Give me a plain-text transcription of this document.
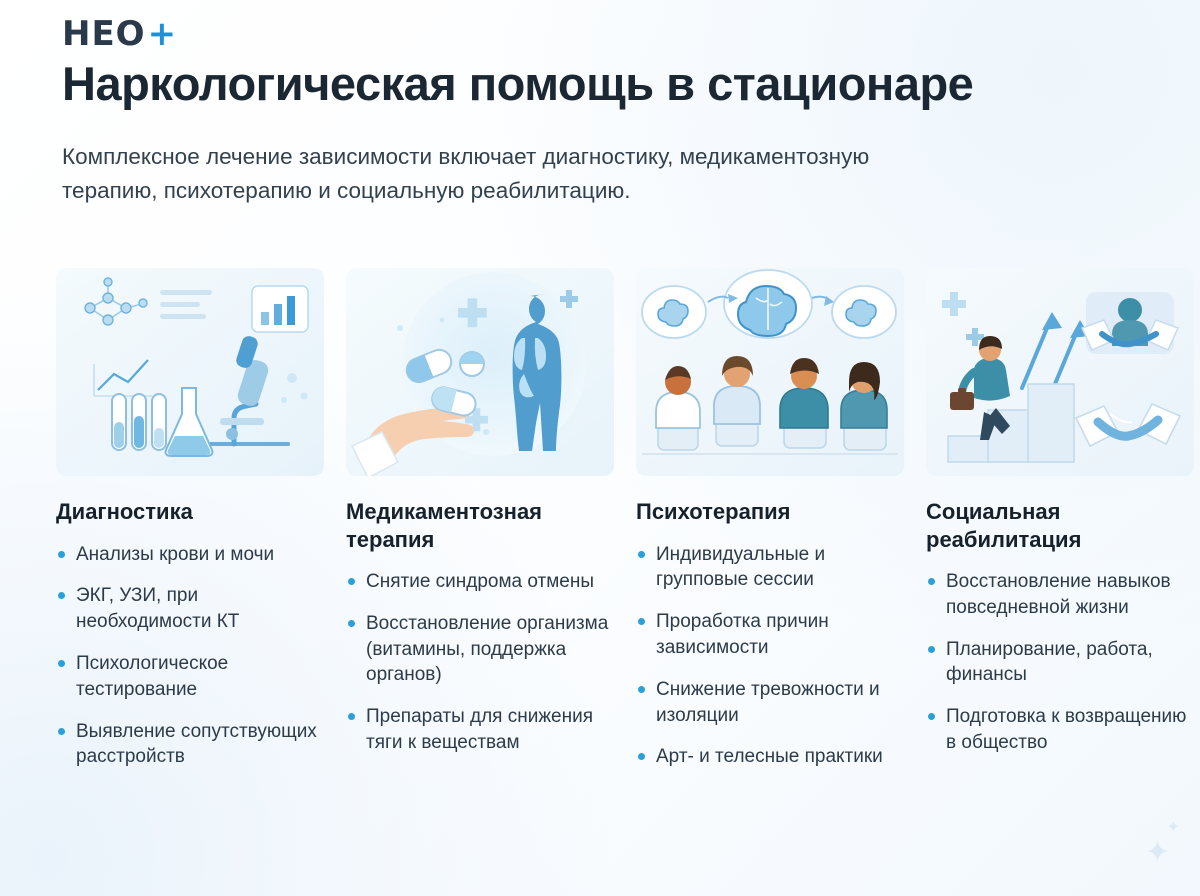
HEO +
Наркологическая помощь в стационаре

Комплексное лечение зависимости включает диагностику, медикаментозную терапию, психотерапию и социальную реабилитацию.

Диагностика
Анализы крови и мочи
ЭКГ, УЗИ, при необходимости КТ
Психологическое тестирование
Выявление сопутствующих расстройств
Медикаментозная терапия
Снятие синдрома отмены
Восстановление организма (витамины, поддержка органов)
Препараты для снижения тяги к веществам
Психотерапия
Индивидуальные и групповые сессии
Проработка причин зависимости
Снижение тревожности и изоляции
Арт- и телесные практики
Социальная реабилитация
Восстановление навыков повседневной жизни
Планирование, работа, финансы
Подготовка к возвращению в общество
✦
✦
